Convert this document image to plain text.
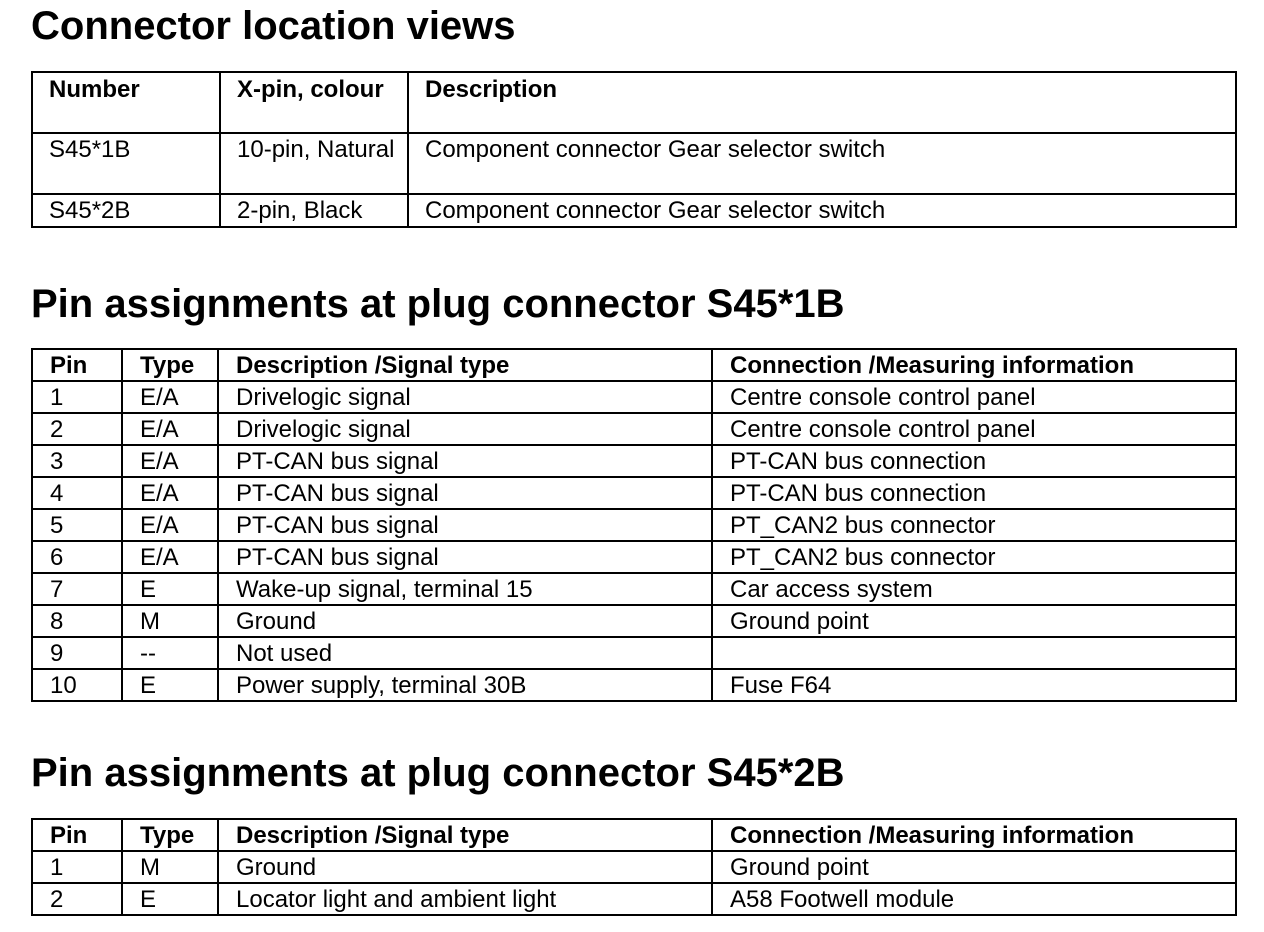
Connector location views
Number	X-pin, colour	Description
S45*1B	10-pin, Natural	Component connector Gear selector switch
S45*2B	2-pin, Black	Component connector Gear selector switch
Pin assignments at plug connector S45*1B
Pin	Type	Description /Signal type	Connection /Measuring information
1	E/A	Drivelogic signal	Centre console control panel
2	E/A	Drivelogic signal	Centre console control panel
3	E/A	PT-CAN bus signal	PT-CAN bus connection
4	E/A	PT-CAN bus signal	PT-CAN bus connection
5	E/A	PT-CAN bus signal	PT_CAN2 bus connector
6	E/A	PT-CAN bus signal	PT_CAN2 bus connector
7	E	Wake-up signal, terminal 15	Car access system
8	M	Ground	Ground point
9	--	Not used	
10	E	Power supply, terminal 30B	Fuse F64
Pin assignments at plug connector S45*2B
Pin	Type	Description /Signal type	Connection /Measuring information
1	M	Ground	Ground point
2	E	Locator light and ambient light	A58 Footwell module
